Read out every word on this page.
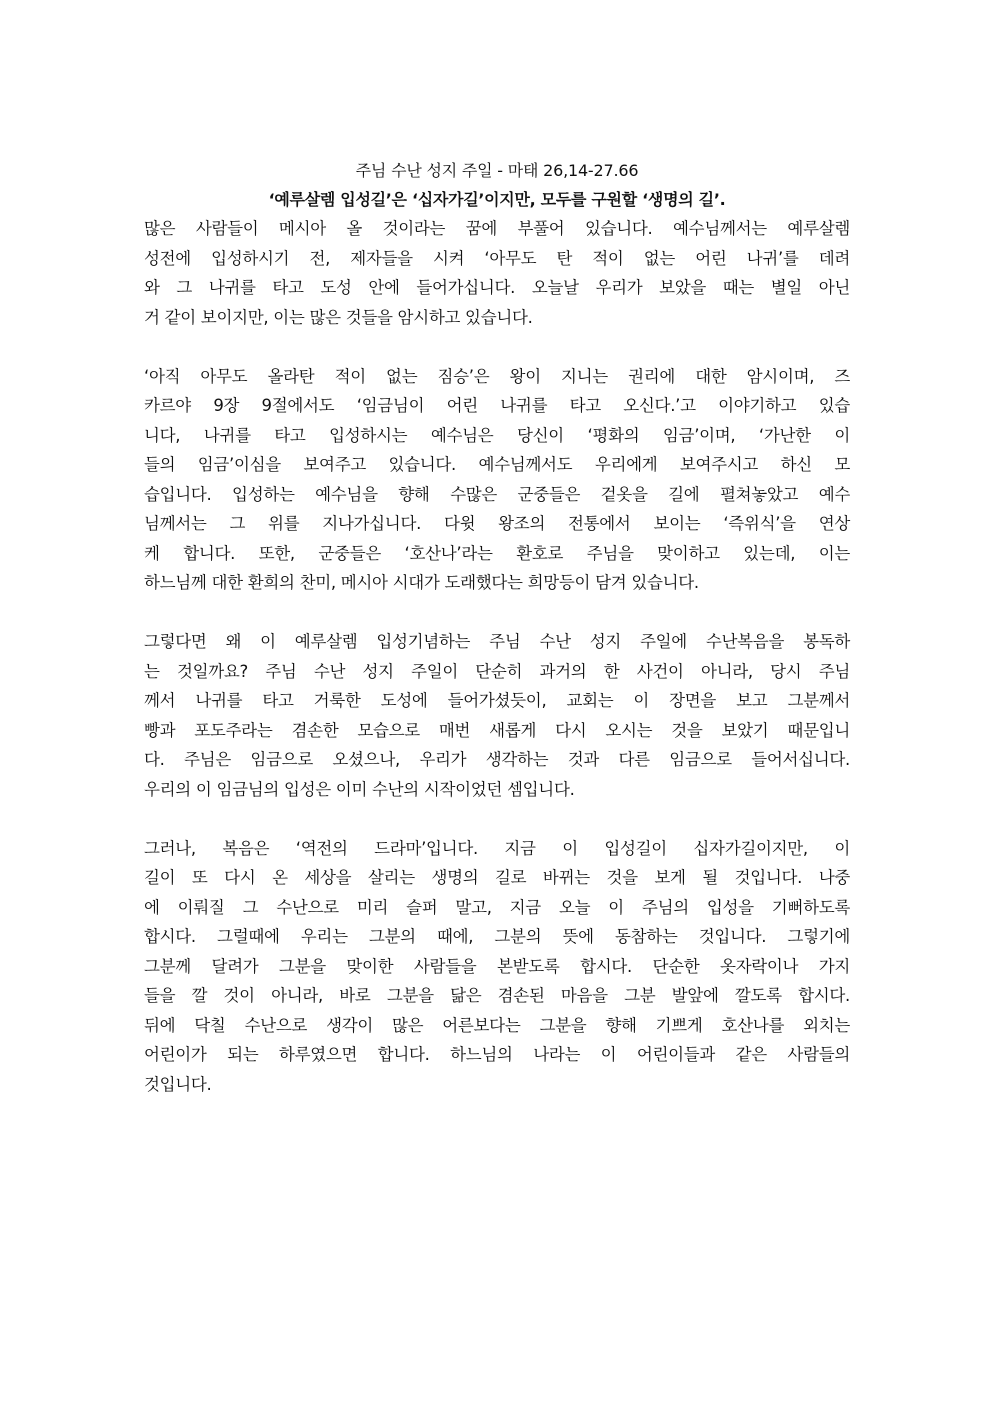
주님 수난 성지 주일 - 마태 26,14-27.66
‘예루살렘 입성길’은 ‘십자가길’이지만, 모두를 구원할 ‘생명의 길’.
많은 사람들이 메시아 올 것이라는 꿈에 부풀어 있습니다. 예수님께서는 예루살렘
성전에 입성하시기 전, 제자들을 시켜 ‘아무도 탄 적이 없는 어린 나귀’를 데려
와 그 나귀를 타고 도성 안에 들어가십니다. 오늘날 우리가 보았을 때는 별일 아닌
거 같이 보이지만, 이는 많은 것들을 암시하고 있습니다.
‘아직 아무도 올라탄 적이 없는 짐승’은 왕이 지니는 권리에 대한 암시이며, 즈
카르야 9장 9절에서도 ‘임금님이 어린 나귀를 타고 오신다.’고 이야기하고 있습
니다, 나귀를 타고 입성하시는 예수님은 당신이 ‘평화의 임금’이며, ‘가난한 이
들의 임금’이심을 보여주고 있습니다. 예수님께서도 우리에게 보여주시고 하신 모
습입니다. 입성하는 예수님을 향해 수많은 군중들은 겉옷을 길에 펼쳐놓았고 예수
님께서는 그 위를 지나가십니다. 다윗 왕조의 전통에서 보이는 ‘즉위식’을 연상
케 합니다. 또한, 군중들은 ‘호산나’라는 환호로 주님을 맞이하고 있는데, 이는
하느님께 대한 환희의 찬미, 메시아 시대가 도래했다는 희망등이 담겨 있습니다.
그렇다면 왜 이 예루살렘 입성기념하는 주님 수난 성지 주일에 수난복음을 봉독하
는 것일까요? 주님 수난 성지 주일이 단순히 과거의 한 사건이 아니라, 당시 주님
께서 나귀를 타고 거룩한 도성에 들어가셨듯이, 교회는 이 장면을 보고 그분께서
빵과 포도주라는 겸손한 모습으로 매번 새롭게 다시 오시는 것을 보았기 때문입니
다. 주님은 임금으로 오셨으나, 우리가 생각하는 것과 다른 임금으로 들어서십니다.
우리의 이 임금님의 입성은 이미 수난의 시작이었던 셈입니다.
그러나, 복음은 ‘역전의 드라마’입니다. 지금 이 입성길이 십자가길이지만, 이
길이 또 다시 온 세상을 살리는 생명의 길로 바뀌는 것을 보게 될 것입니다. 나중
에 이뤄질 그 수난으로 미리 슬퍼 말고, 지금 오늘 이 주님의 입성을 기뻐하도록
합시다. 그럴때에 우리는 그분의 때에, 그분의 뜻에 동참하는 것입니다. 그렇기에
그분께 달려가 그분을 맞이한 사람들을 본받도록 합시다. 단순한 옷자락이나 가지
들을 깔 것이 아니라, 바로 그분을 닮은 겸손된 마음을 그분 발앞에 깔도록 합시다.
뒤에 닥칠 수난으로 생각이 많은 어른보다는 그분을 향해 기쁘게 호산나를 외치는
어린이가 되는 하루였으면 합니다. 하느님의 나라는 이 어린이들과 같은 사람들의
것입니다.
